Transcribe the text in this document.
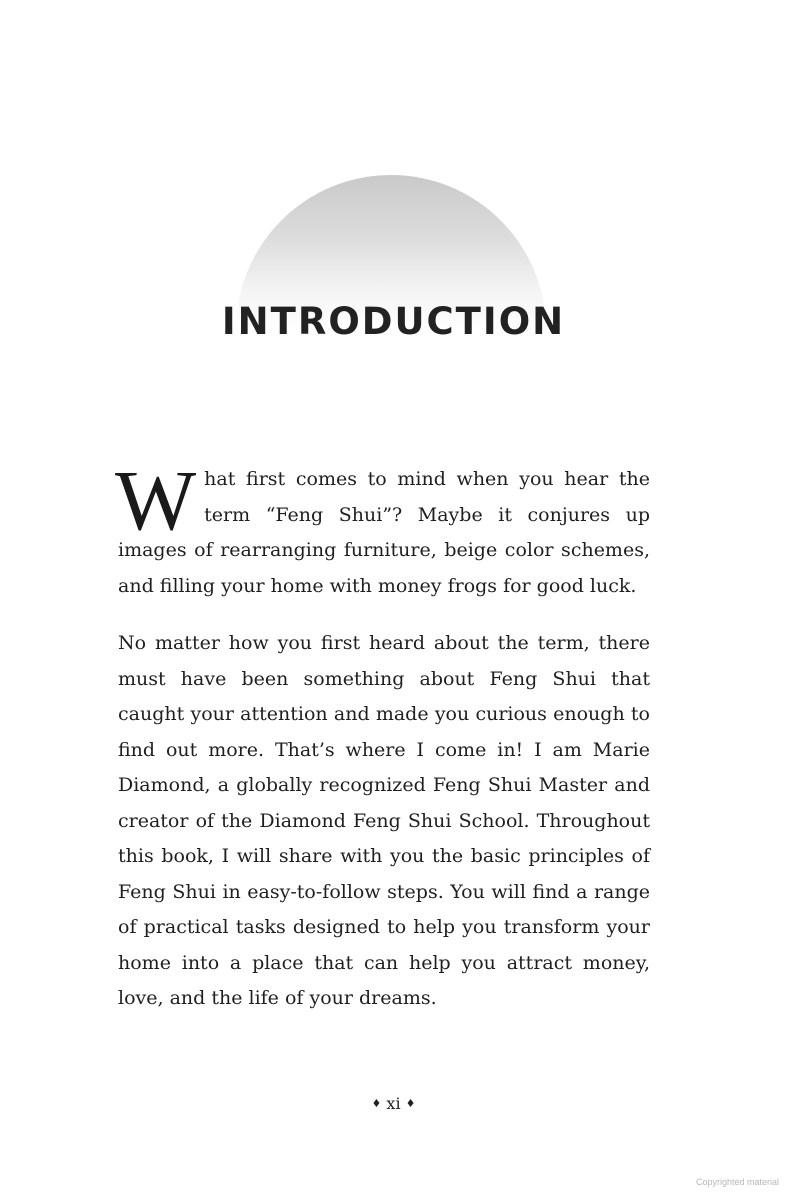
INTRODUCTION

What first comes to mind when you hear the term “Feng Shui”? Maybe it conjures up images of rearranging furniture, beige color schemes, and filling your home with money frogs for good luck.

No matter how you first heard about the term, there must have been something about Feng Shui that caught your attention and made you curious enough to find out more. That’s where I come in! I am Marie Diamond, a globally recognized Feng Shui Master and creator of the Diamond Feng Shui School. Throughout this book, I will share with you the basic principles of Feng Shui in easy-to-follow steps. You will find a range of practical tasks designed to help you transform your home into a place that can help you attract money, love, and the life of your dreams.

♦ xi ♦
Copyrighted material
